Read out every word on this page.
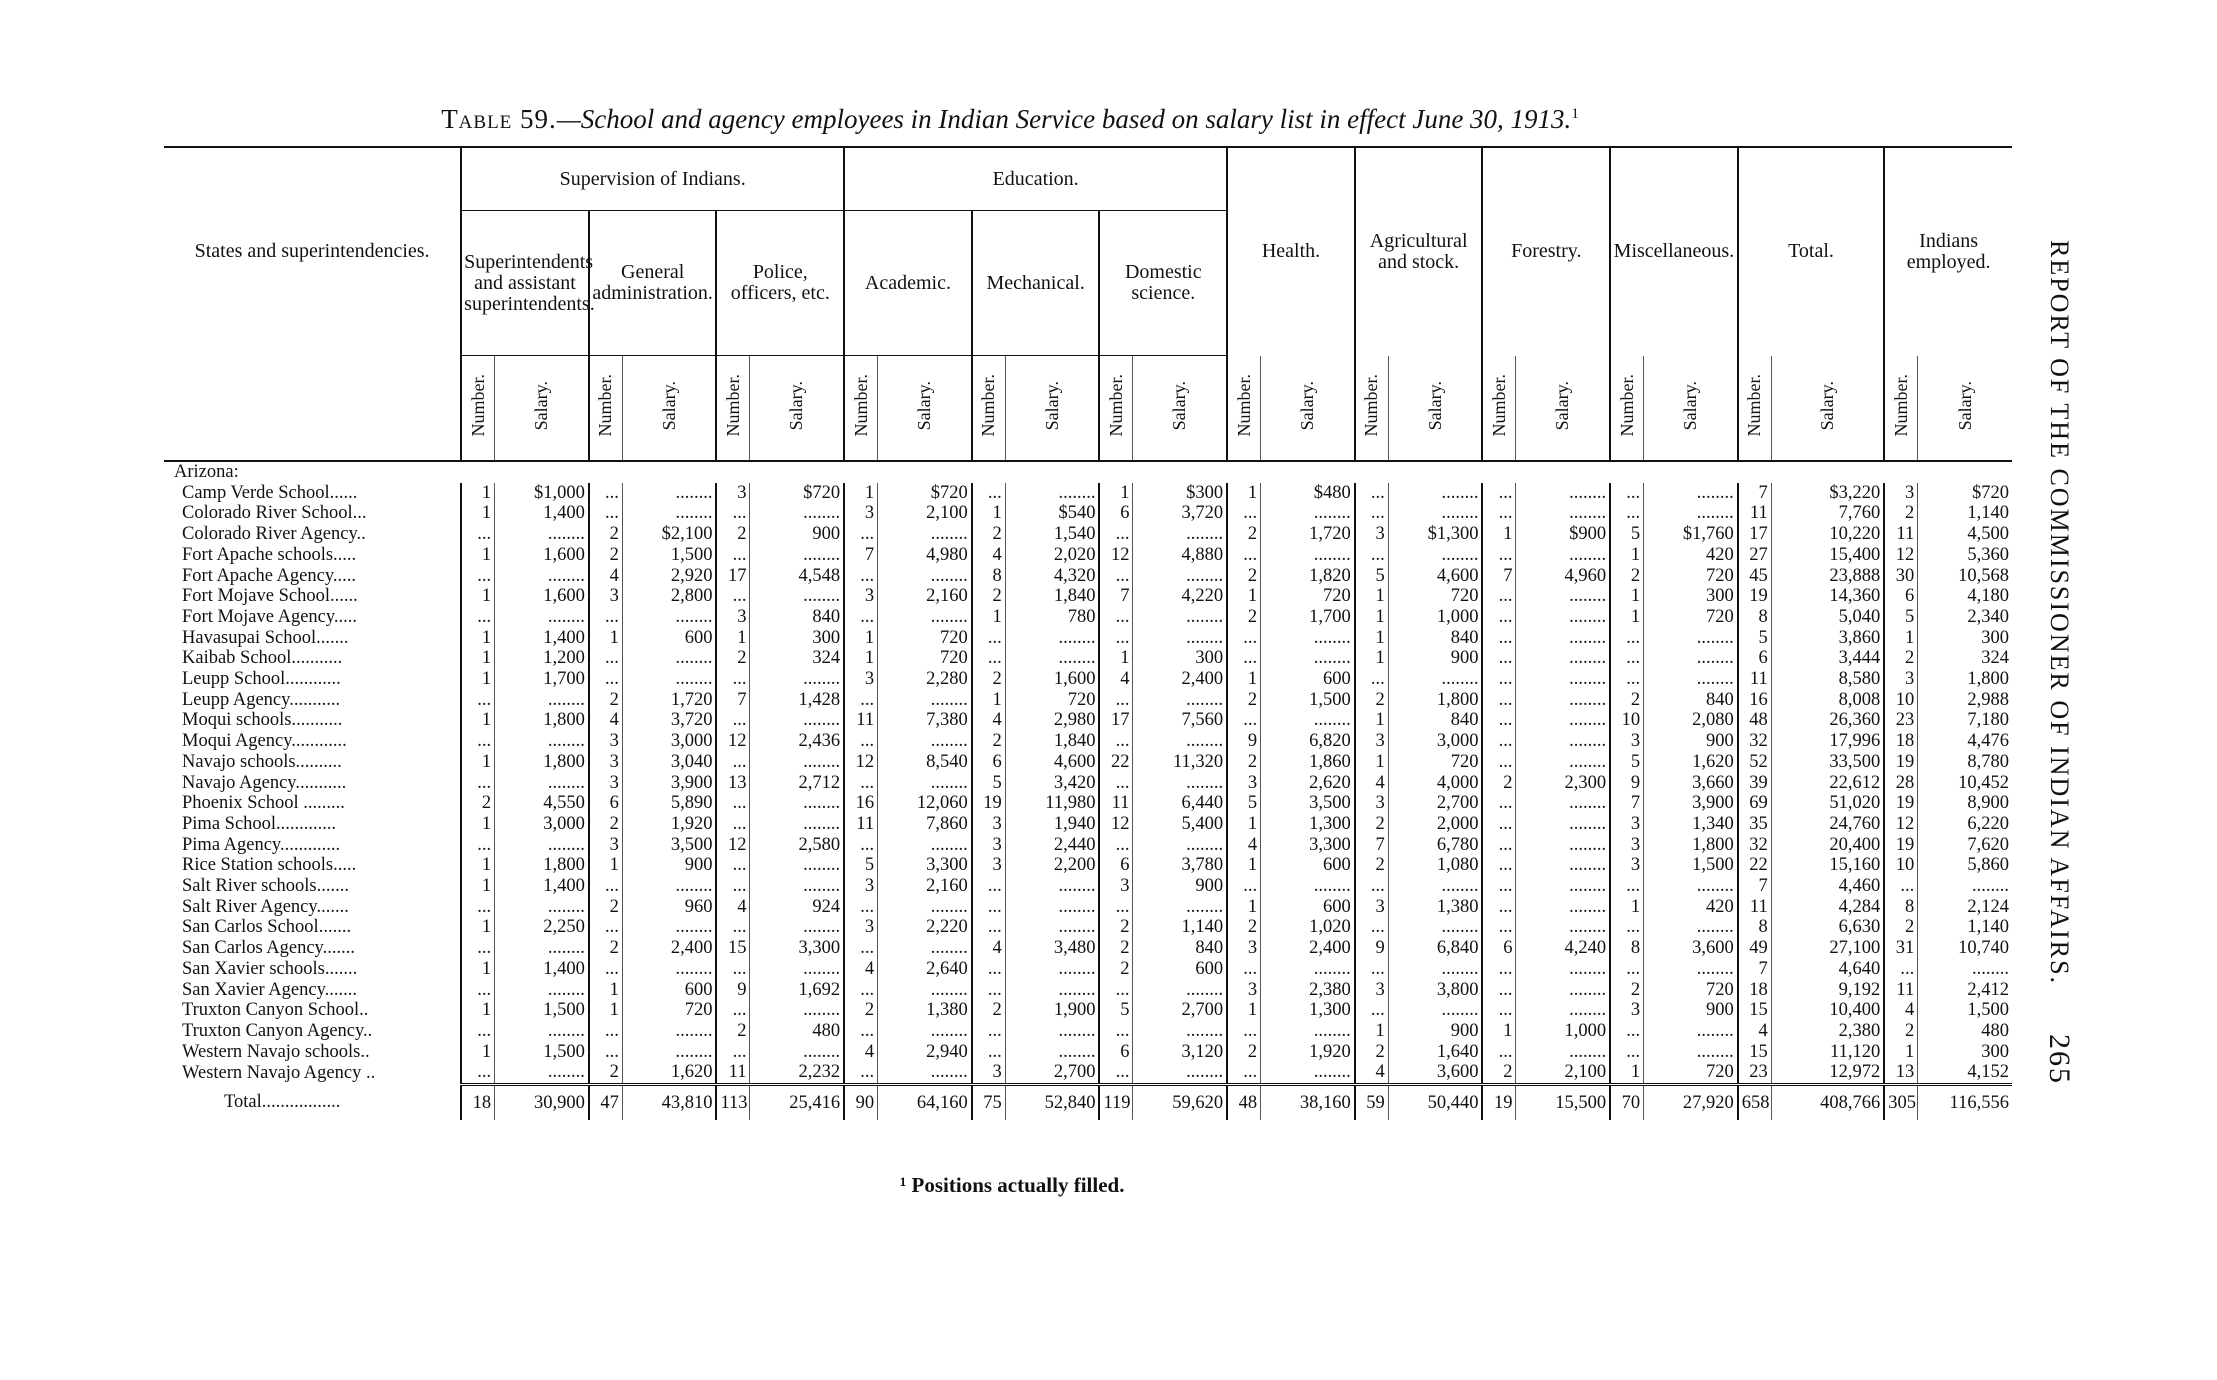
Table 59.—School and agency employees in Indian Service based on salary list in effect June 30, 1913.$^1$
REPORT OF THE COMMISSIONER OF INDIAN AFFAIRS. 265
States and superintendencies.	Supervision of Indians.						Education.						Health.		Agricultural and stock.		Forestry.		Miscellaneous.		Total.		Indians employed.	
	Superintendents and assistant superintendents.		General administration.		Police, officers, etc.		Academic.		Mechanical.		Domestic science.													
	Number.	Salary.	Number.	Salary.	Number.	Salary.	Number.	Salary.	Number.	Salary.	Number.	Salary.	Number.	Salary.	Number.	Salary.	Number.	Salary.	Number.	Salary.	Number.	Salary.	Number.	Salary.
Arizona:																								
Camp Verde School......	1	$1,000	...	........	3	$720	1	$720	...	........	1	$300	1	$480	...	........	...	........	...	........	7	$3,220	3	$720
Colorado River School...	1	1,400	...	........	...	........	3	2,100	1	$540	6	3,720	...	........	...	........	...	........	...	........	11	7,760	2	1,140
Colorado River Agency..	...	........	2	$2,100	2	900	...	........	2	1,540	...	........	2	1,720	3	$1,300	1	$900	5	$1,760	17	10,220	11	4,500
Fort Apache schools.....	1	1,600	2	1,500	...	........	7	4,980	4	2,020	12	4,880	...	........	...	........	...	........	1	420	27	15,400	12	5,360
Fort Apache Agency.....	...	........	4	2,920	17	4,548	...	........	8	4,320	...	........	2	1,820	5	4,600	7	4,960	2	720	45	23,888	30	10,568
Fort Mojave School......	1	1,600	3	2,800	...	........	3	2,160	2	1,840	7	4,220	1	720	1	720	...	........	1	300	19	14,360	6	4,180
Fort Mojave Agency.....	...	........	...	........	3	840	...	........	1	780	...	........	2	1,700	1	1,000	...	........	1	720	8	5,040	5	2,340
Havasupai School.......	1	1,400	1	600	1	300	1	720	...	........	...	........	...	........	1	840	...	........	...	........	5	3,860	1	300
Kaibab School...........	1	1,200	...	........	2	324	1	720	...	........	1	300	...	........	1	900	...	........	...	........	6	3,444	2	324
Leupp School............	1	1,700	...	........	...	........	3	2,280	2	1,600	4	2,400	1	600	...	........	...	........	...	........	11	8,580	3	1,800
Leupp Agency...........	...	........	2	1,720	7	1,428	...	........	1	720	...	........	2	1,500	2	1,800	...	........	2	840	16	8,008	10	2,988
Moqui schools...........	1	1,800	4	3,720	...	........	11	7,380	4	2,980	17	7,560	...	........	1	840	...	........	10	2,080	48	26,360	23	7,180
Moqui Agency............	...	........	3	3,000	12	2,436	...	........	2	1,840	...	........	9	6,820	3	3,000	...	........	3	900	32	17,996	18	4,476
Navajo schools..........	1	1,800	3	3,040	...	........	12	8,540	6	4,600	22	11,320	2	1,860	1	720	...	........	5	1,620	52	33,500	19	8,780
Navajo Agency...........	...	........	3	3,900	13	2,712	...	........	5	3,420	...	........	3	2,620	4	4,000	2	2,300	9	3,660	39	22,612	28	10,452
Phoenix School .........	2	4,550	6	5,890	...	........	16	12,060	19	11,980	11	6,440	5	3,500	3	2,700	...	........	7	3,900	69	51,020	19	8,900
Pima School.............	1	3,000	2	1,920	...	........	11	7,860	3	1,940	12	5,400	1	1,300	2	2,000	...	........	3	1,340	35	24,760	12	6,220
Pima Agency.............	...	........	3	3,500	12	2,580	...	........	3	2,440	...	........	4	3,300	7	6,780	...	........	3	1,800	32	20,400	19	7,620
Rice Station schools.....	1	1,800	1	900	...	........	5	3,300	3	2,200	6	3,780	1	600	2	1,080	...	........	3	1,500	22	15,160	10	5,860
Salt River schools.......	1	1,400	...	........	...	........	3	2,160	...	........	3	900	...	........	...	........	...	........	...	........	7	4,460	...	........
Salt River Agency.......	...	........	2	960	4	924	...	........	...	........	...	........	1	600	3	1,380	...	........	1	420	11	4,284	8	2,124
San Carlos School.......	1	2,250	...	........	...	........	3	2,220	...	........	2	1,140	2	1,020	...	........	...	........	...	........	8	6,630	2	1,140
San Carlos Agency.......	...	........	2	2,400	15	3,300	...	........	4	3,480	2	840	3	2,400	9	6,840	6	4,240	8	3,600	49	27,100	31	10,740
San Xavier schools.......	1	1,400	...	........	...	........	4	2,640	...	........	2	600	...	........	...	........	...	........	...	........	7	4,640	...	........
San Xavier Agency.......	...	........	1	600	9	1,692	...	........	...	........	...	........	3	2,380	3	3,800	...	........	2	720	18	9,192	11	2,412
Truxton Canyon School..	1	1,500	1	720	...	........	2	1,380	2	1,900	5	2,700	1	1,300	...	........	...	........	3	900	15	10,400	4	1,500
Truxton Canyon Agency..	...	........	...	........	2	480	...	........	...	........	...	........	...	........	1	900	1	1,000	...	........	4	2,380	2	480
Western Navajo schools..	1	1,500	...	........	...	........	4	2,940	...	........	6	3,120	2	1,920	2	1,640	...	........	...	........	15	11,120	1	300
Western Navajo Agency ..	...	........	2	1,620	11	2,232	...	........	3	2,700	...	........	...	........	4	3,600	2	2,100	1	720	23	12,972	13	4,152
Total.................	18	30,900	47	43,810	113	25,416	90	64,160	75	52,840	119	59,620	48	38,160	59	50,440	19	15,500	70	27,920	658	408,766	305	116,556
¹ Positions actually filled.
